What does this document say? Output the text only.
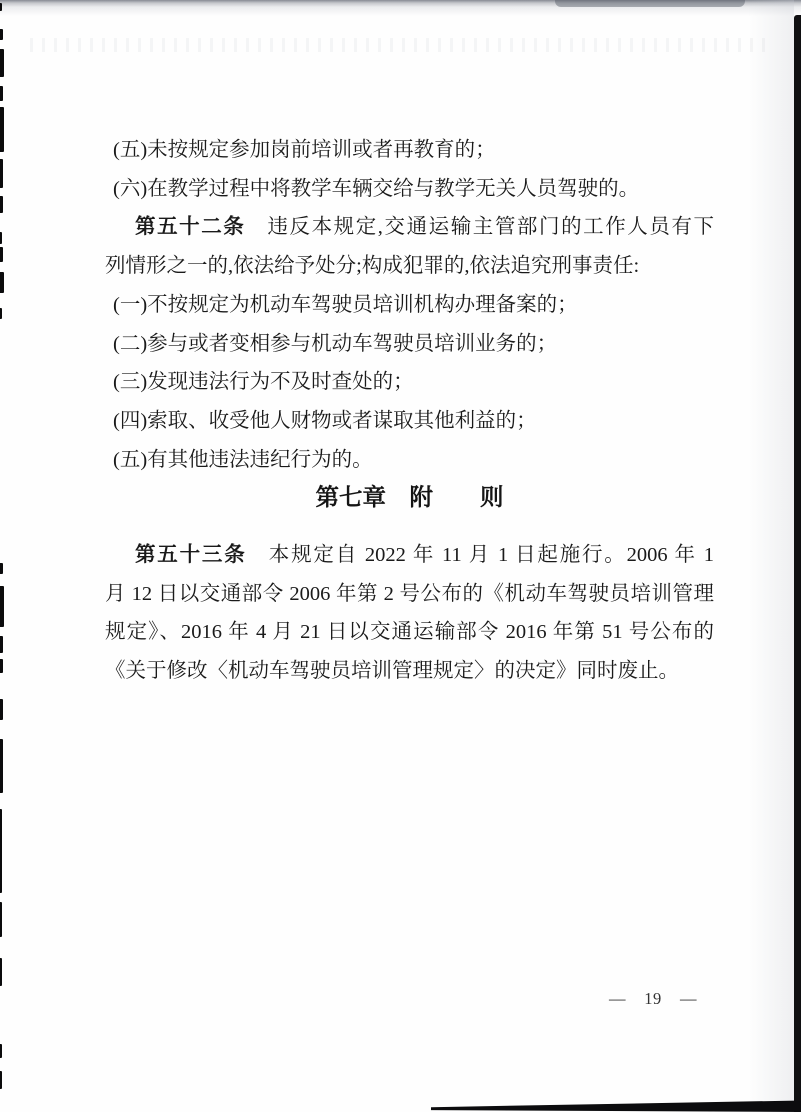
(五)未按规定参加岗前培训或者再教育的；
(六)在教学过程中将教学车辆交给与教学无关人员驾驶的。
第五十二条　违反本规定,交通运输主管部门的工作人员有下
列情形之一的,依法给予处分;构成犯罪的,依法追究刑事责任:
(一)不按规定为机动车驾驶员培训机构办理备案的；
(二)参与或者变相参与机动车驾驶员培训业务的；
(三)发现违法行为不及时查处的；
(四)索取、收受他人财物或者谋取其他利益的；
(五)有其他违法违纪行为的。
第七章　附　　则
第五十三条　本规定自 2022 年 11 月 1 日起施行。2006 年 1
月 12 日以交通部令 2006 年第 2 号公布的《机动车驾驶员培训管理
规定》、2016 年 4 月 21 日以交通运输部令 2016 年第 51 号公布的
《关于修改〈机动车驾驶员培训管理规定〉的决定》同时废止。
— 19 —
